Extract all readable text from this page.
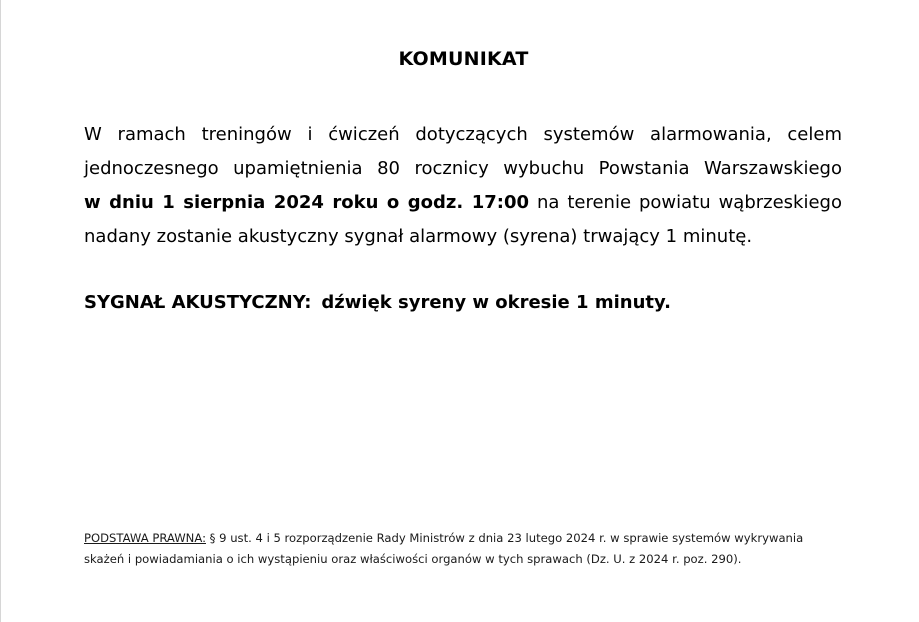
KOMUNIKAT
W ramach treningów i ćwiczeń dotyczących systemów alarmowania, celem
jednoczesnego upamiętnienia 80 rocznicy wybuchu Powstania Warszawskiego
w dniu 1 sierpnia 2024 roku o godz. 17:00 na terenie powiatu wąbrzeskiego
nadany zostanie akustyczny sygnał alarmowy (syrena) trwający 1 minutę.
SYGNAŁ AKUSTYCZNY: dźwięk syreny w okresie 1 minuty.
PODSTAWA PRAWNA: § 9 ust. 4 i 5 rozporządzenie Rady Ministrów z dnia 23 lutego 2024 r. w sprawie systemów wykrywania
skażeń i powiadamiania o ich wystąpieniu oraz właściwości organów w tych sprawach (Dz. U. z 2024 r. poz. 290).
